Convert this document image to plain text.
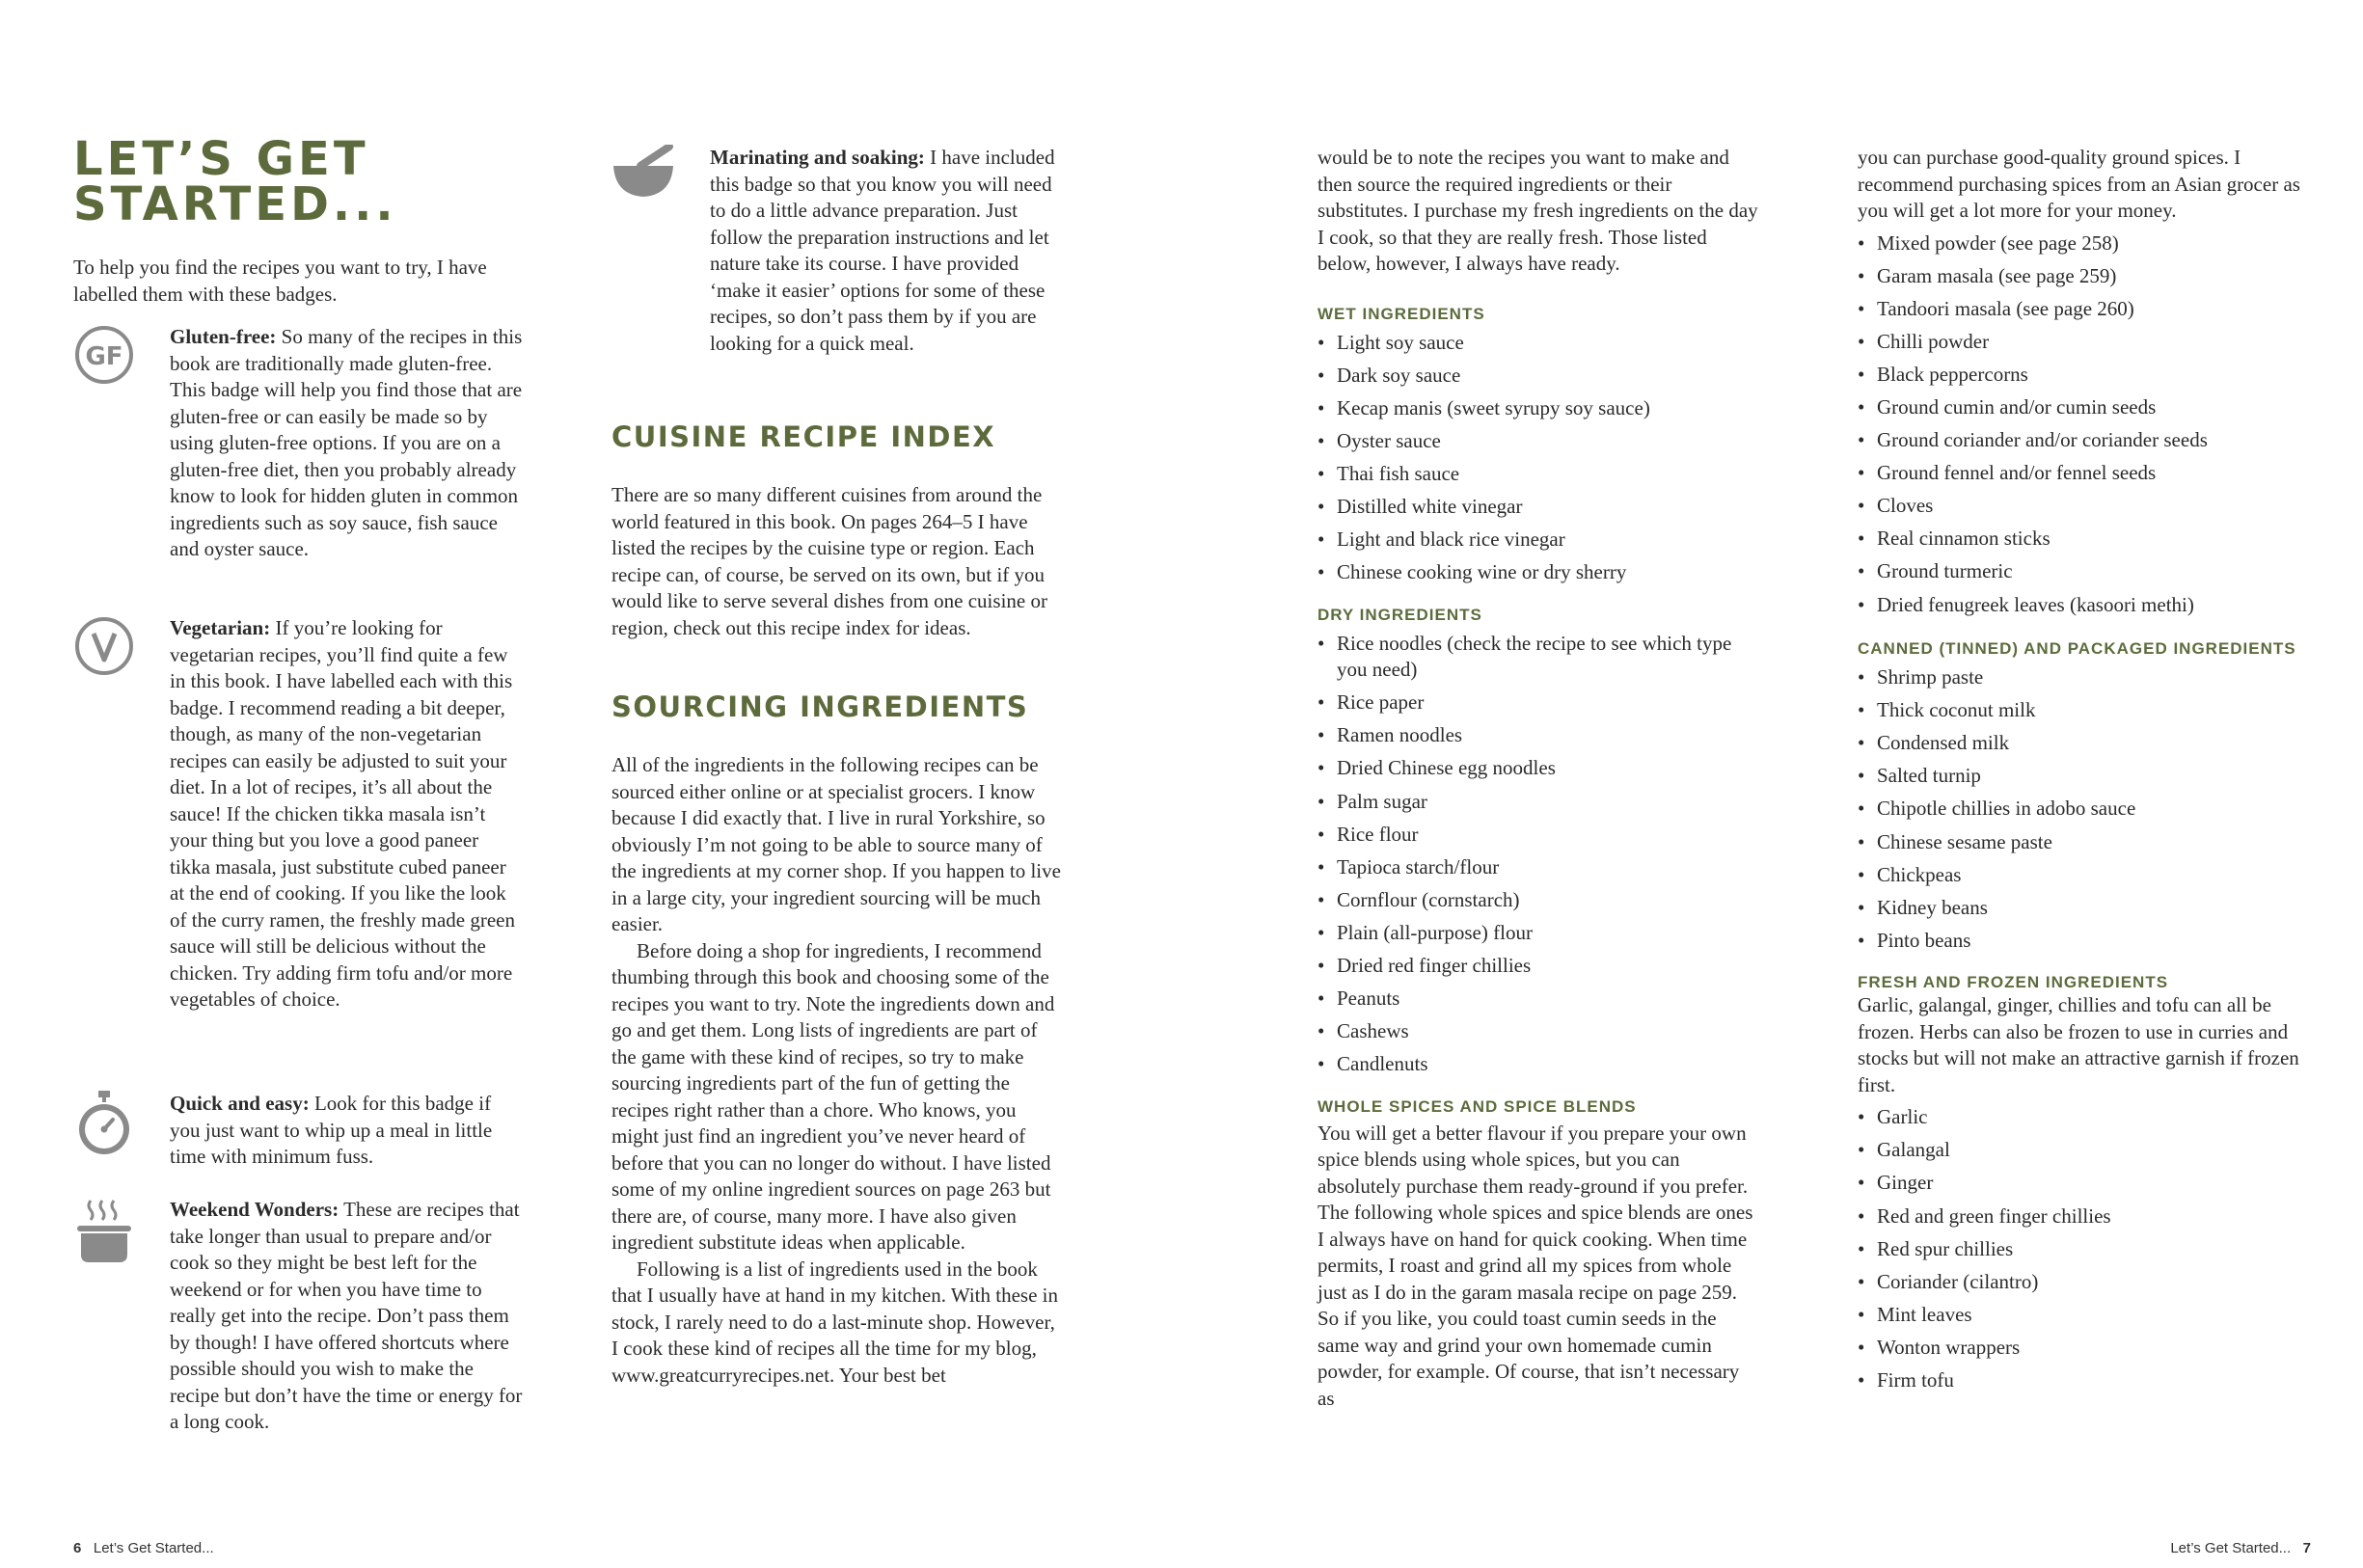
LET’S GET
STARTED...

To help you find the recipes you want to try, I have labelled them with these badges.

GF

Gluten-free: So many of the recipes in this book are traditionally made gluten-free. This badge will help you find those that are gluten-free or can easily be made so by using gluten-free options. If you are on a gluten-free diet, then you probably already know to look for hidden gluten in common ingredients such as soy sauce, fish sauce and oyster sauce.

Vegetarian: If you’re looking for vegetarian recipes, you’ll find quite a few in this book. I have labelled each with this badge. I recommend reading a bit deeper, though, as many of the non-vegetarian recipes can easily be adjusted to suit your diet. In a lot of recipes, it’s all about the sauce! If the chicken tikka masala isn’t your thing but you love a good paneer tikka masala, just substitute cubed paneer at the end of cooking. If you like the look of the curry ramen, the freshly made green sauce will still be delicious without the chicken. Try adding firm tofu and/or more vegetables of choice.

Quick and easy: Look for this badge if you just want to whip up a meal in little time with minimum fuss.

Weekend Wonders: These are recipes that take longer than usual to prepare and/or cook so they might be best left for the weekend or for when you have time to really get into the recipe. Don’t pass them by though! I have offered shortcuts where possible should you wish to make the recipe but don’t have the time or energy for a long cook.

Marinating and soaking: I have included this badge so that you know you will need to do a little advance preparation. Just follow the preparation instructions and let nature take its course. I have provided ‘make it easier’ options for some of these recipes, so don’t pass them by if you are looking for a quick meal.

CUISINE RECIPE INDEX

There are so many different cuisines from around the world featured in this book. On pages 264–5 I have listed the recipes by the cuisine type or region. Each recipe can, of course, be served on its own, but if you would like to serve several dishes from one cuisine or region, check out this recipe index for ideas.

SOURCING INGREDIENTS

All of the ingredients in the following recipes can be sourced either online or at specialist grocers. I know because I did exactly that. I live in rural Yorkshire, so obviously I’m not going to be able to source many of the ingredients at my corner shop. If you happen to live in a large city, your ingredient sourcing will be much easier.

Before doing a shop for ingredients, I recommend thumbing through this book and choosing some of the recipes you want to try. Note the ingredients down and go and get them. Long lists of ingredients are part of the game with these kind of recipes, so try to make sourcing ingredients part of the fun of getting the recipes right rather than a chore. Who knows, you might just find an ingredient you’ve never heard of before that you can no longer do without. I have listed some of my online ingredient sources on page 263 but there are, of course, many more. I have also given ingredient substitute ideas when applicable.

Following is a list of ingredients used in the book that I usually have at hand in my kitchen. With these in stock, I rarely need to do a last-minute shop. However, I cook these kind of recipes all the time for my blog, www.greatcurryrecipes.net. Your best bet

6 Let’s Get Started...

would be to note the recipes you want to make and then source the required ingredients or their substitutes. I purchase my fresh ingredients on the day I cook, so that they are really fresh. Those listed below, however, I always have ready.

WET INGREDIENTS
• Light soy sauce
• Dark soy sauce
• Kecap manis (sweet syrupy soy sauce)
• Oyster sauce
• Thai fish sauce
• Distilled white vinegar
• Light and black rice vinegar
• Chinese cooking wine or dry sherry
DRY INGREDIENTS
• Rice noodles (check the recipe to see which type you need)
• Rice paper
• Ramen noodles
• Dried Chinese egg noodles
• Palm sugar
• Rice flour
• Tapioca starch/flour
• Cornflour (cornstarch)
• Plain (all-purpose) flour
• Dried red finger chillies
• Peanuts
• Cashews
• Candlenuts
WHOLE SPICES AND SPICE BLENDS

You will get a better flavour if you prepare your own spice blends using whole spices, but you can absolutely purchase them ready-ground if you prefer. The following whole spices and spice blends are ones I always have on hand for quick cooking. When time permits, I roast and grind all my spices from whole just as I do in the garam masala recipe on page 259. So if you like, you could toast cumin seeds in the same way and grind your own homemade cumin powder, for example. Of course, that isn’t necessary as

you can purchase good-quality ground spices. I recommend purchasing spices from an Asian grocer as you will get a lot more for your money.

• Mixed powder (see page 258)
• Garam masala (see page 259)
• Tandoori masala (see page 260)
• Chilli powder
• Black peppercorns
• Ground cumin and/or cumin seeds
• Ground coriander and/or coriander seeds
• Ground fennel and/or fennel seeds
• Cloves
• Real cinnamon sticks
• Ground turmeric
• Dried fenugreek leaves (kasoori methi)
CANNED (TINNED) AND PACKAGED INGREDIENTS
• Shrimp paste
• Thick coconut milk
• Condensed milk
• Salted turnip
• Chipotle chillies in adobo sauce
• Chinese sesame paste
• Chickpeas
• Kidney beans
• Pinto beans
FRESH AND FROZEN INGREDIENTS

Garlic, galangal, ginger, chillies and tofu can all be frozen. Herbs can also be frozen to use in curries and stocks but will not make an attractive garnish if frozen first.

• Garlic
• Galangal
• Ginger
• Red and green finger chillies
• Red spur chillies
• Coriander (cilantro)
• Mint leaves
• Wonton wrappers
• Firm tofu
Let’s Get Started... 7
